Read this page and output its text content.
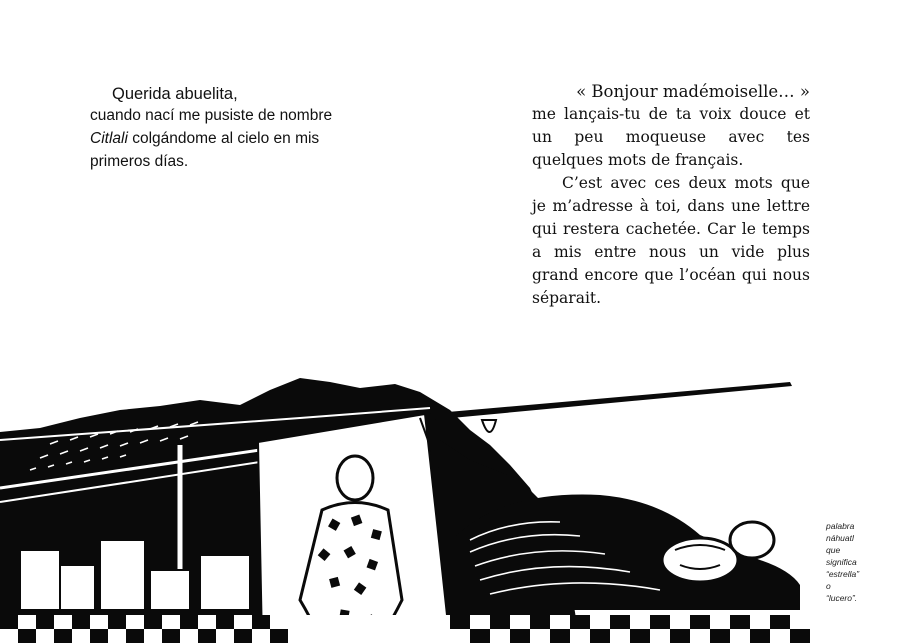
Querida abuelita,
cuando nací me pusiste de nombre
Citlali colgándome al cielo en mis
primeros días.

« Bonjour madémoiselle… »

me lançais-tu de ta voix douce et un peu moqueuse avec tes quelques mots de français.

C’est avec ces deux mots que je m’adresse à toi, dans une lettre qui restera cachetée. Car le temps a mis entre nous un vide plus grand encore que l’océan qui nous séparait.

palabra
náhuatl
que
significa
“estrella”
o
“lucero”.
